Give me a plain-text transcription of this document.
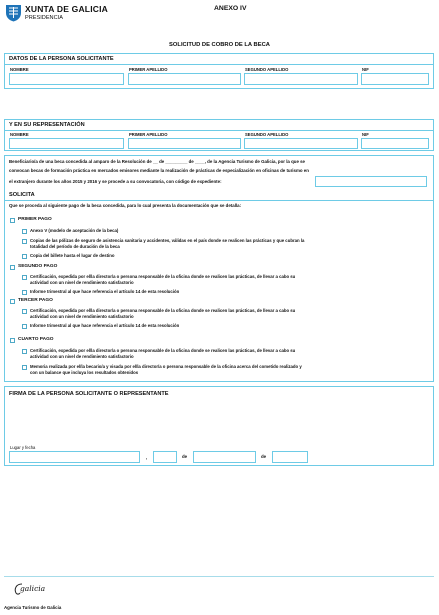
XUNTA DE GALICIA
PRESIDENCIA
ANEXO IV
SOLICITUD DE COBRO DE LA BECA
DATOS DE LA PERSONA SOLICITANTE
NOMBRE	PRIMER APELLIDO	SEGUNDO APELLIDO	NIF
Y EN SU REPRESENTACIÓN
NOMBRE	PRIMER APELLIDO	SEGUNDO APELLIDO	NIF
Beneficiario/a de una beca concedida al amparo de la Resolución de __ de _________ de ____, de la Agencia Turismo de Galicia, por la que se
convocan becas de formación práctica en mercados emisores mediante la realización de prácticas de especialización en oficinas de turismo en
el extranjero durante los años 2015 y 2016 y se procede a su convocatoria, con código de expediente:
SOLICITA
Que se proceda al siguiente pago de la beca concedida, para lo cual presenta la documentación que se detalla:
PRIMER PAGO
Anexo V (modelo de aceptación de la beca)
Copias de las pólizas de seguro de asistencia sanitaria y accidentes, válidas en el país donde se realicen las prácticas y que cubran la
totalidad del período de duración de la beca
Copia del billete hasta el lugar de destino
SEGUNDO PAGO
Certificación, expedida por el/la director/a o persona responsable de la oficina donde se realicen las prácticas, de llevar a cabo su
actividad con un nivel de rendimiento satisfactorio
Informe trimestral al que hace referencia el artículo 14 de esta resolución
TERCER PAGO
Certificación, expedida por el/la director/a o persona responsable de la oficina donde se realicen las prácticas, de llevar a cabo su
actividad con un nivel de rendimiento satisfactorio
Informe trimestral al que hace referencia el artículo 14 de esta resolución
CUARTO PAGO
Certificación, expedida por el/la director/a o persona responsable de la oficina donde se realicen las prácticas, de llevar a cabo su
actividad con un nivel de rendimiento satisfactorio
Memoria realizada por el/la becario/a y visada por el/la director/a o persona responsable de la oficina acerca del cometido realizado y
con un balance que incluya los resultados obtenidos
FIRMA DE LA PERSONA SOLICITANTE O REPRESENTANTE
Lugar y fecha
,	de	de
galicia
Agencia Turismo de Galicia
